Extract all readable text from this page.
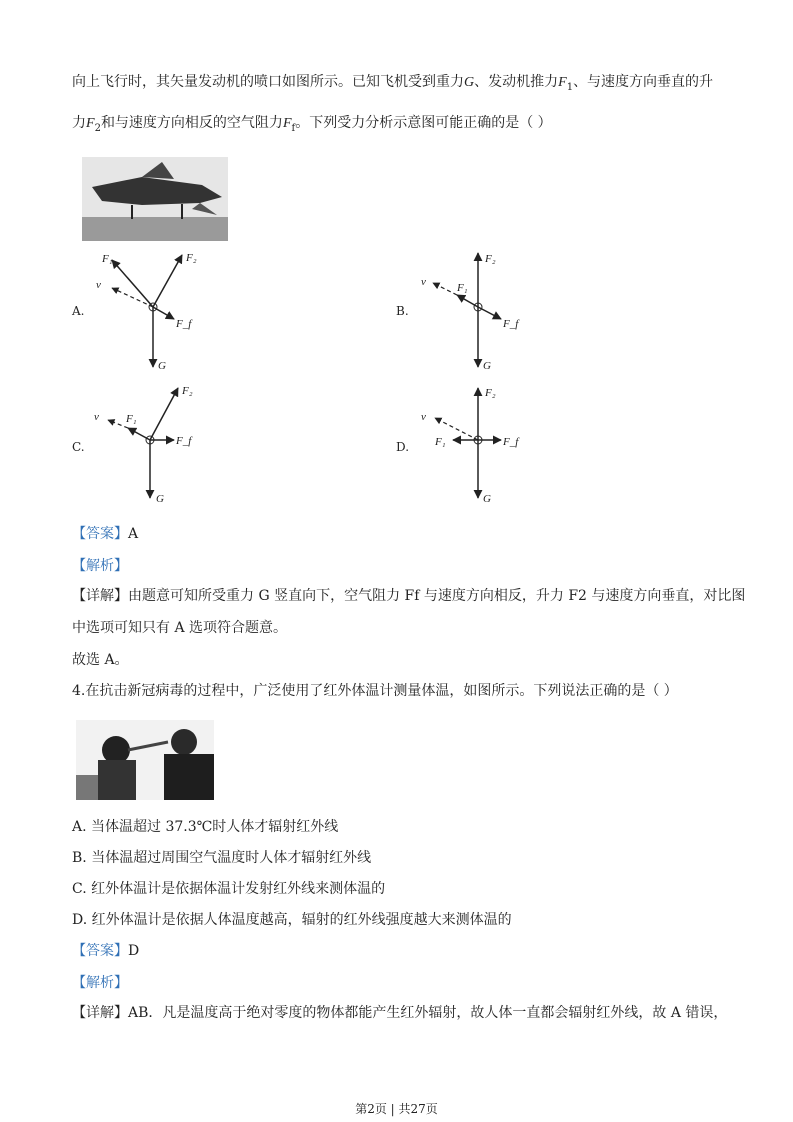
向上飞行时，其矢量发动机的喷口如图所示。已知飞机受到重力G、发动机推力$F_1$、与速度方向垂直的升
力$F_2$和与速度方向相反的空气阻力$F_f$。下列受力分析示意图可能正确的是（ ）
A.
F₁	F₂
v
F_f
G
B.
F₂
F₁
v
F_f
G
C.
F₂
F₁
v
F_f
G
D.
F₂
F₁
v
F_f
G
【答案】A
【解析】
【详解】由题意可知所受重力 G 竖直向下，空气阻力 Ff 与速度方向相反，升力 F2 与速度方向垂直，对比图
中选项可知只有 A 选项符合题意。
故选 A。
4.在抗击新冠病毒的过程中，广泛使用了红外体温计测量体温，如图所示。下列说法正确的是（ ）
A. 当体温超过 37.3℃时人体才辐射红外线
B. 当体温超过周围空气温度时人体才辐射红外线
C. 红外体温计是依据体温计发射红外线来测体温的
D. 红外体温计是依据人体温度越高，辐射的红外线强度越大来测体温的
【答案】D
【解析】
【详解】AB．凡是温度高于绝对零度的物体都能产生红外辐射，故人体一直都会辐射红外线，故 A 错误，
第2页 | 共27页
